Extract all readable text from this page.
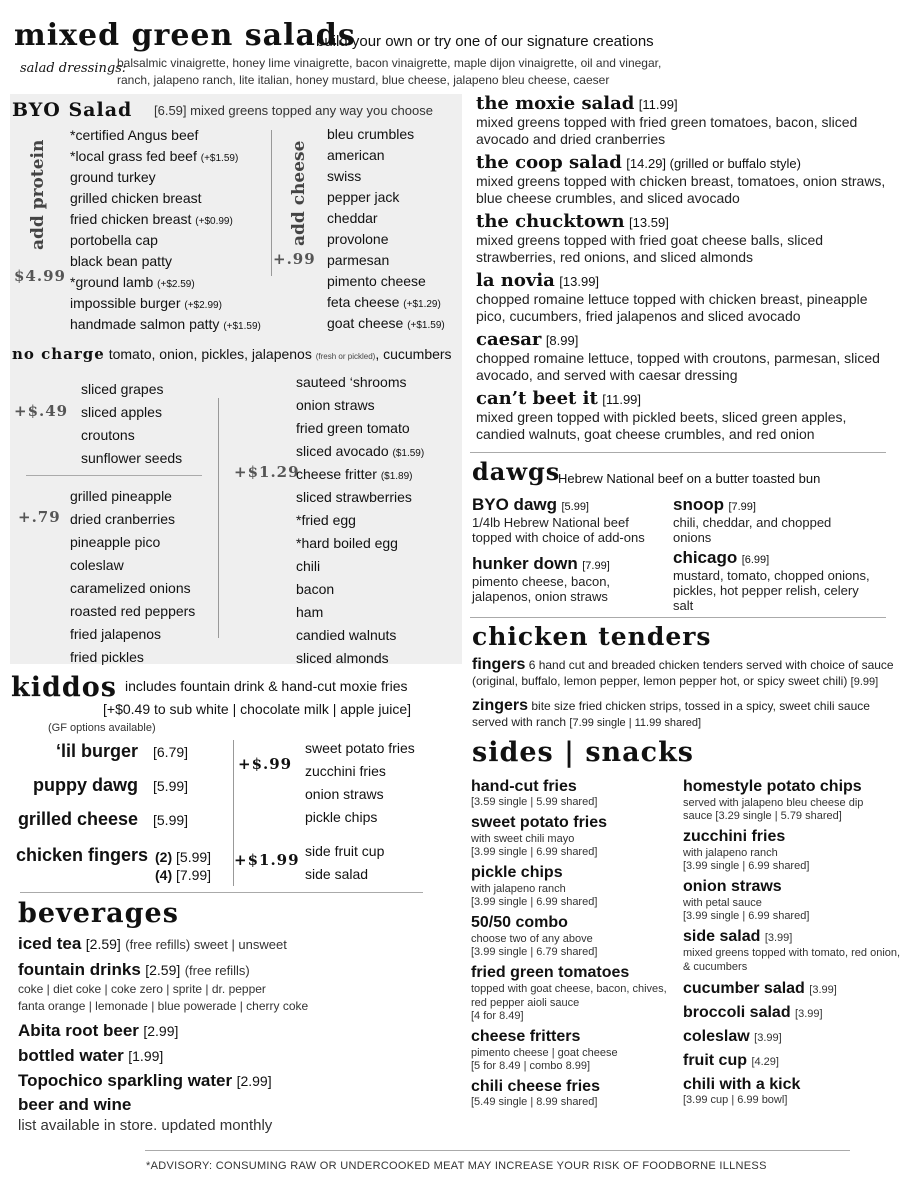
mixed green salads
build your own or try one of our signature creations
salad dressings:
balsalmic vinaigrette, honey lime vinaigrette, bacon vinaigrette, maple dijon vinaigrette, oil and vinegar,
ranch, jalapeno ranch, lite italian, honey mustard, blue cheese, jalapeno bleu cheese, caeser
BYO Salad [6.59] mixed greens topped any way you choose
add protein
$4.99
*certified Angus beef
*local grass fed beef (+$1.59)
ground turkey
grilled chicken breast
fried chicken breast (+$0.99)
portobella cap
black bean patty
*ground lamb (+$2.59)
impossible burger (+$2.99)
handmade salmon patty (+$1.59)
add cheese
+.99
bleu crumbles
american
swiss
pepper jack
cheddar
provolone
parmesan
pimento cheese
feta cheese (+$1.29)
goat cheese (+$1.59)
no charge tomato, onion, pickles, jalapenos (fresh or pickled), cucumbers
+$.49
sliced grapes
sliced apples
croutons
sunflower seeds
+.79
grilled pineapple
dried cranberries
pineapple pico
coleslaw
caramelized onions
roasted red peppers
fried jalapenos
fried pickles
+$1.29
sauteed ‘shrooms
onion straws
fried green tomato
sliced avocado ($1.59)
cheese fritter ($1.89)
sliced strawberries
*fried egg
*hard boiled egg
chili
bacon
ham
candied walnuts
sliced almonds
the moxie salad [11.99]
mixed greens topped with fried green tomatoes, bacon, sliced avocado and dried cranberries
the coop salad [14.29] (grilled or buffalo style)
mixed greens topped with chicken breast, tomatoes, onion straws, blue cheese crumbles, and sliced avocado
the chucktown [13.59]
mixed greens topped with fried goat cheese balls, sliced strawberries, red onions, and sliced almonds
la novia [13.99]
chopped romaine lettuce topped with chicken breast, pineapple pico, cucumbers, fried jalapenos and sliced avocado
caesar [8.99]
chopped romaine lettuce, topped with croutons, parmesan, sliced avocado, and served with caesar dressing
can’t beet it [11.99]
mixed green topped with pickled beets, sliced green apples, candied walnuts, goat cheese crumbles, and red onion
dawgs
Hebrew National beef on a butter toasted bun
BYO dawg [5.99]
1/4lb Hebrew National beef topped with choice of add-ons
snoop [7.99]
chili, cheddar, and chopped onions
hunker down [7.99]
pimento cheese, bacon, jalapenos, onion straws
chicago [6.99]
mustard, tomato, chopped onions, pickles, hot pepper relish, celery salt
chicken tenders
fingers 6 hand cut and breaded chicken tenders served with choice of sauce (original, buffalo, lemon pepper, lemon pepper hot, or spicy sweet chili) [9.99]
zingers bite size fried chicken strips, tossed in a spicy, sweet chili sauce served with ranch [7.99 single | 11.99 shared]
sides | snacks
hand-cut fries
[3.59 single | 5.99 shared]
sweet potato fries
with sweet chili mayo
[3.99 single | 6.99 shared]
pickle chips
with jalapeno ranch
[3.99 single | 6.99 shared]
50/50 combo
choose two of any above
[3.99 single | 6.79 shared]
fried green tomatoes
topped with goat cheese, bacon, chives, red pepper aioli sauce
[4 for 8.49]
cheese fritters
pimento cheese | goat cheese
[5 for 8.49 | combo 8.99]
chili cheese fries
[5.49 single | 8.99 shared]
homestyle potato chips
served with jalapeno bleu cheese dip
sauce [3.29 single | 5.79 shared]
zucchini fries
with jalapeno ranch
[3.99 single | 6.99 shared]
onion straws
with petal sauce
[3.99 single | 6.99 shared]
side salad [3.99]
mixed greens topped with tomato, red onion, & cucumbers
cucumber salad [3.99]
broccoli salad [3.99]
coleslaw [3.99]
fruit cup [4.29]
chili with a kick
[3.99 cup | 6.99 bowl]
kiddos includes fountain drink & hand-cut moxie fries
[+$0.49 to sub white | chocolate milk | apple juice]
(GF options available)
‘lil burger [6.79]
puppy dawg [5.99]
grilled cheese [5.99]
chicken fingers (2) [5.99]
(4) [7.99]
+$.99
sweet potato fries
zucchini fries
onion straws
pickle chips
+$1.99 side fruit cup
side salad
beverages
iced tea [2.59] (free refills) sweet | unsweet
fountain drinks [2.59] (free refills)
coke | diet coke | coke zero | sprite | dr. pepper
fanta orange | lemonade | blue powerade | cherry coke
Abita root beer [2.99]
bottled water [1.99]
Topochico sparkling water [2.99]
beer and wine
list available in store. updated monthly
*ADVISORY: CONSUMING RAW OR UNDERCOOKED MEAT MAY INCREASE YOUR RISK OF FOODBORNE ILLNESS
